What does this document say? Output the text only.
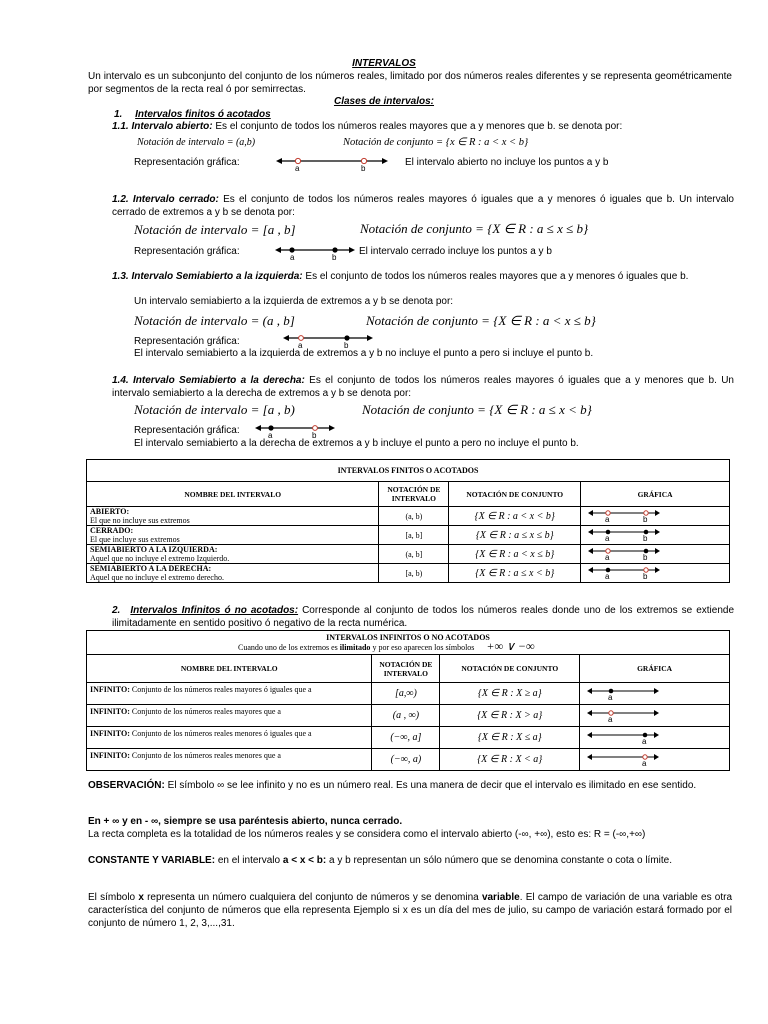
INTERVALOS
Un intervalo es un subconjunto del conjunto de los números reales, limitado por dos números reales diferentes y se representa geométricamente por segmentos de la recta real ó por semirrectas.
Clases de intervalos:
1. Intervalos finitos ó acotados
1.1. Intervalo abierto: Es el conjunto de todos los números reales mayores que a y menores que b. se denota por:
Notación de intervalo = (a,b)	Notación de conjunto = {x ∈ R : a < x < b}
Representación gráfica:
a	b
El intervalo abierto no incluye los puntos a y b
1.2. Intervalo cerrado: Es el conjunto de todos los números reales mayores ó iguales que a y menores ó iguales que b. Un intervalo cerrado de extremos a y b se denota por:
Notación de intervalo = [a , b]	Notación de conjunto = {X ∈ R : a ≤ x ≤ b}
Representación gráfica:
a	b
El intervalo cerrado incluye los puntos a y b
1.3. Intervalo Semiabierto a la izquierda: Es el conjunto de todos los números reales mayores que a y menores ó iguales que b.
Un intervalo semiabierto a la izquierda de extremos a y b se denota por:
Notación de intervalo = (a , b]	Notación de conjunto = {X ∈ R : a < x ≤ b}
Representación gráfica:	a	b
El intervalo semiabierto a la izquierda de extremos a y b no incluye el punto a pero si incluye el punto b.
1.4. Intervalo Semiabierto a la derecha: Es el conjunto de todos los números reales mayores ó iguales que a y menores que b. Un intervalo semiabierto a la derecha de extremos a y b se denota por:
Notación de intervalo = [a , b)	Notación de conjunto = {X ∈ R : a ≤ x < b}
Representación gráfica:	a	b
El intervalo semiabierto a la derecha de extremos a y b incluye el punto a pero no incluye el punto b.
INTERVALOS FINITOS O ACOTADOS			
NOMBRE DEL INTERVALO	NOTACIÓN DE INTERVALO	NOTACIÓN DE CONJUNTO	GRÁFICA
ABIERTO:
El que no incluye sus extremos	(a, b)	{X ∈ R : a < x < b}	a b

CERRADO:
El que incluye sus extremos	[a, b]	{X ∈ R : a ≤ x ≤ b}	a b

SEMIABIERTO A LA IZQUIERDA:
Aquel que no incluye el extremo Izquierdo.	(a, b]	{X ∈ R : a < x ≤ b}	a b

SEMIABIERTO A LA DERECHA:
Aquel que no incluye el extremo derecho.	[a, b)	{X ∈ R : a ≤ x < b}	a b
2. Intervalos Infinitos ó no acotados: Corresponde al conjunto de todos los números reales donde uno de los extremos se extiende ilimitadamente en sentido positivo ó negativo de la recta numérica.
INTERVALOS INFINITOS O NO ACOTADOS
Cuando uno de los extremos es ilimitado y por eso aparecen los símbolos +∞ ∨ −∞			

NOMBRE DEL INTERVALO	NOTACIÓN DE INTERVALO	NOTACIÓN DE CONJUNTO	GRÁFICA
INFINITO: Conjunto de los números reales mayores ó iguales que a	[a,∞)	{X ∈ R : X ≥ a}	a

INFINITO: Conjunto de los números reales mayores que a	(a , ∞)	{X ∈ R : X > a}	a

INFINITO: Conjunto de los números reales menores ó iguales que a	(−∞, a]	{X ∈ R : X ≤ a}	a

INFINITO: Conjunto de los números reales menores que a	(−∞, a)	{X ∈ R : X < a}	a
OBSERVACIÓN: El símbolo ∞ se lee infinito y no es un número real. Es una manera de decir que el intervalo es ilimitado en ese sentido.
En + ∞ y en - ∞, siempre se usa paréntesis abierto, nunca cerrado.
La recta completa es la totalidad de los números reales y se considera como el intervalo abierto (-∞, +∞), esto es: R = (-∞,+∞)
CONSTANTE Y VARIABLE: en el intervalo a < x < b: a y b representan un sólo número que se denomina constante o cota o límite.
El símbolo x representa un número cualquiera del conjunto de números y se denomina variable. El campo de variación de una variable es otra característica del conjunto de números que ella representa Ejemplo si x es un día del mes de julio, su campo de variación estará formado por el conjunto de número 1, 2, 3,...,31.
